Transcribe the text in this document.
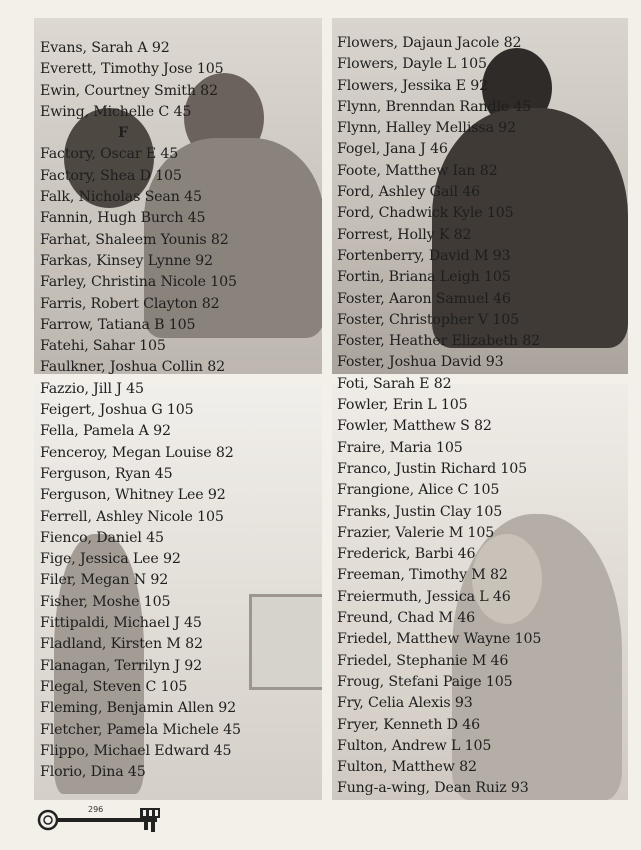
Evans, Sarah A 92
Everett, Timothy Jose 105
Ewin, Courtney Smith 82
Ewing, Michelle C 45
F
Factory, Oscar E 45
Factory, Shea D 105
Falk, Nicholas Sean 45
Fannin, Hugh Burch 45
Farhat, Shaleem Younis 82
Farkas, Kinsey Lynne 92
Farley, Christina Nicole 105
Farris, Robert Clayton 82
Farrow, Tatiana B 105
Fatehi, Sahar 105
Faulkner, Joshua Collin 82
Fazzio, Jill J 45
Feigert, Joshua G 105
Fella, Pamela A 92
Fenceroy, Megan Louise 82
Ferguson, Ryan 45
Ferguson, Whitney Lee 92
Ferrell, Ashley Nicole 105
Fienco, Daniel 45
Fige, Jessica Lee 92
Filer, Megan N 92
Fisher, Moshe 105
Fittipaldi, Michael J 45
Fladland, Kirsten M 82
Flanagan, Terrilyn J 92
Flegal, Steven C 105
Fleming, Benjamin Allen 92
Fletcher, Pamela Michele 45
Flippo, Michael Edward 45
Florio, Dina 45
Flowers, Dajaun Jacole 82
Flowers, Dayle L 105
Flowers, Jessika E 92
Flynn, Brenndan Randle 45
Flynn, Halley Mellissa 92
Fogel, Jana J 46
Foote, Matthew Ian 82
Ford, Ashley Gail 46
Ford, Chadwick Kyle 105
Forrest, Holly K 82
Fortenberry, David M 93
Fortin, Briana Leigh 105
Foster, Aaron Samuel 46
Foster, Christopher V 105
Foster, Heather Elizabeth 82
Foster, Joshua David 93
Foti, Sarah E 82
Fowler, Erin L 105
Fowler, Matthew S 82
Fraire, Maria 105
Franco, Justin Richard 105
Frangione, Alice C 105
Franks, Justin Clay 105
Frazier, Valerie M 105
Frederick, Barbi 46
Freeman, Timothy M 82
Freiermuth, Jessica L 46
Freund, Chad M 46
Friedel, Matthew Wayne 105
Friedel, Stephanie M 46
Froug, Stefani Paige 105
Fry, Celia Alexis 93
Fryer, Kenneth D 46
Fulton, Andrew L 105
Fulton, Matthew 82
Fung-a-wing, Dean Ruiz 93
296
